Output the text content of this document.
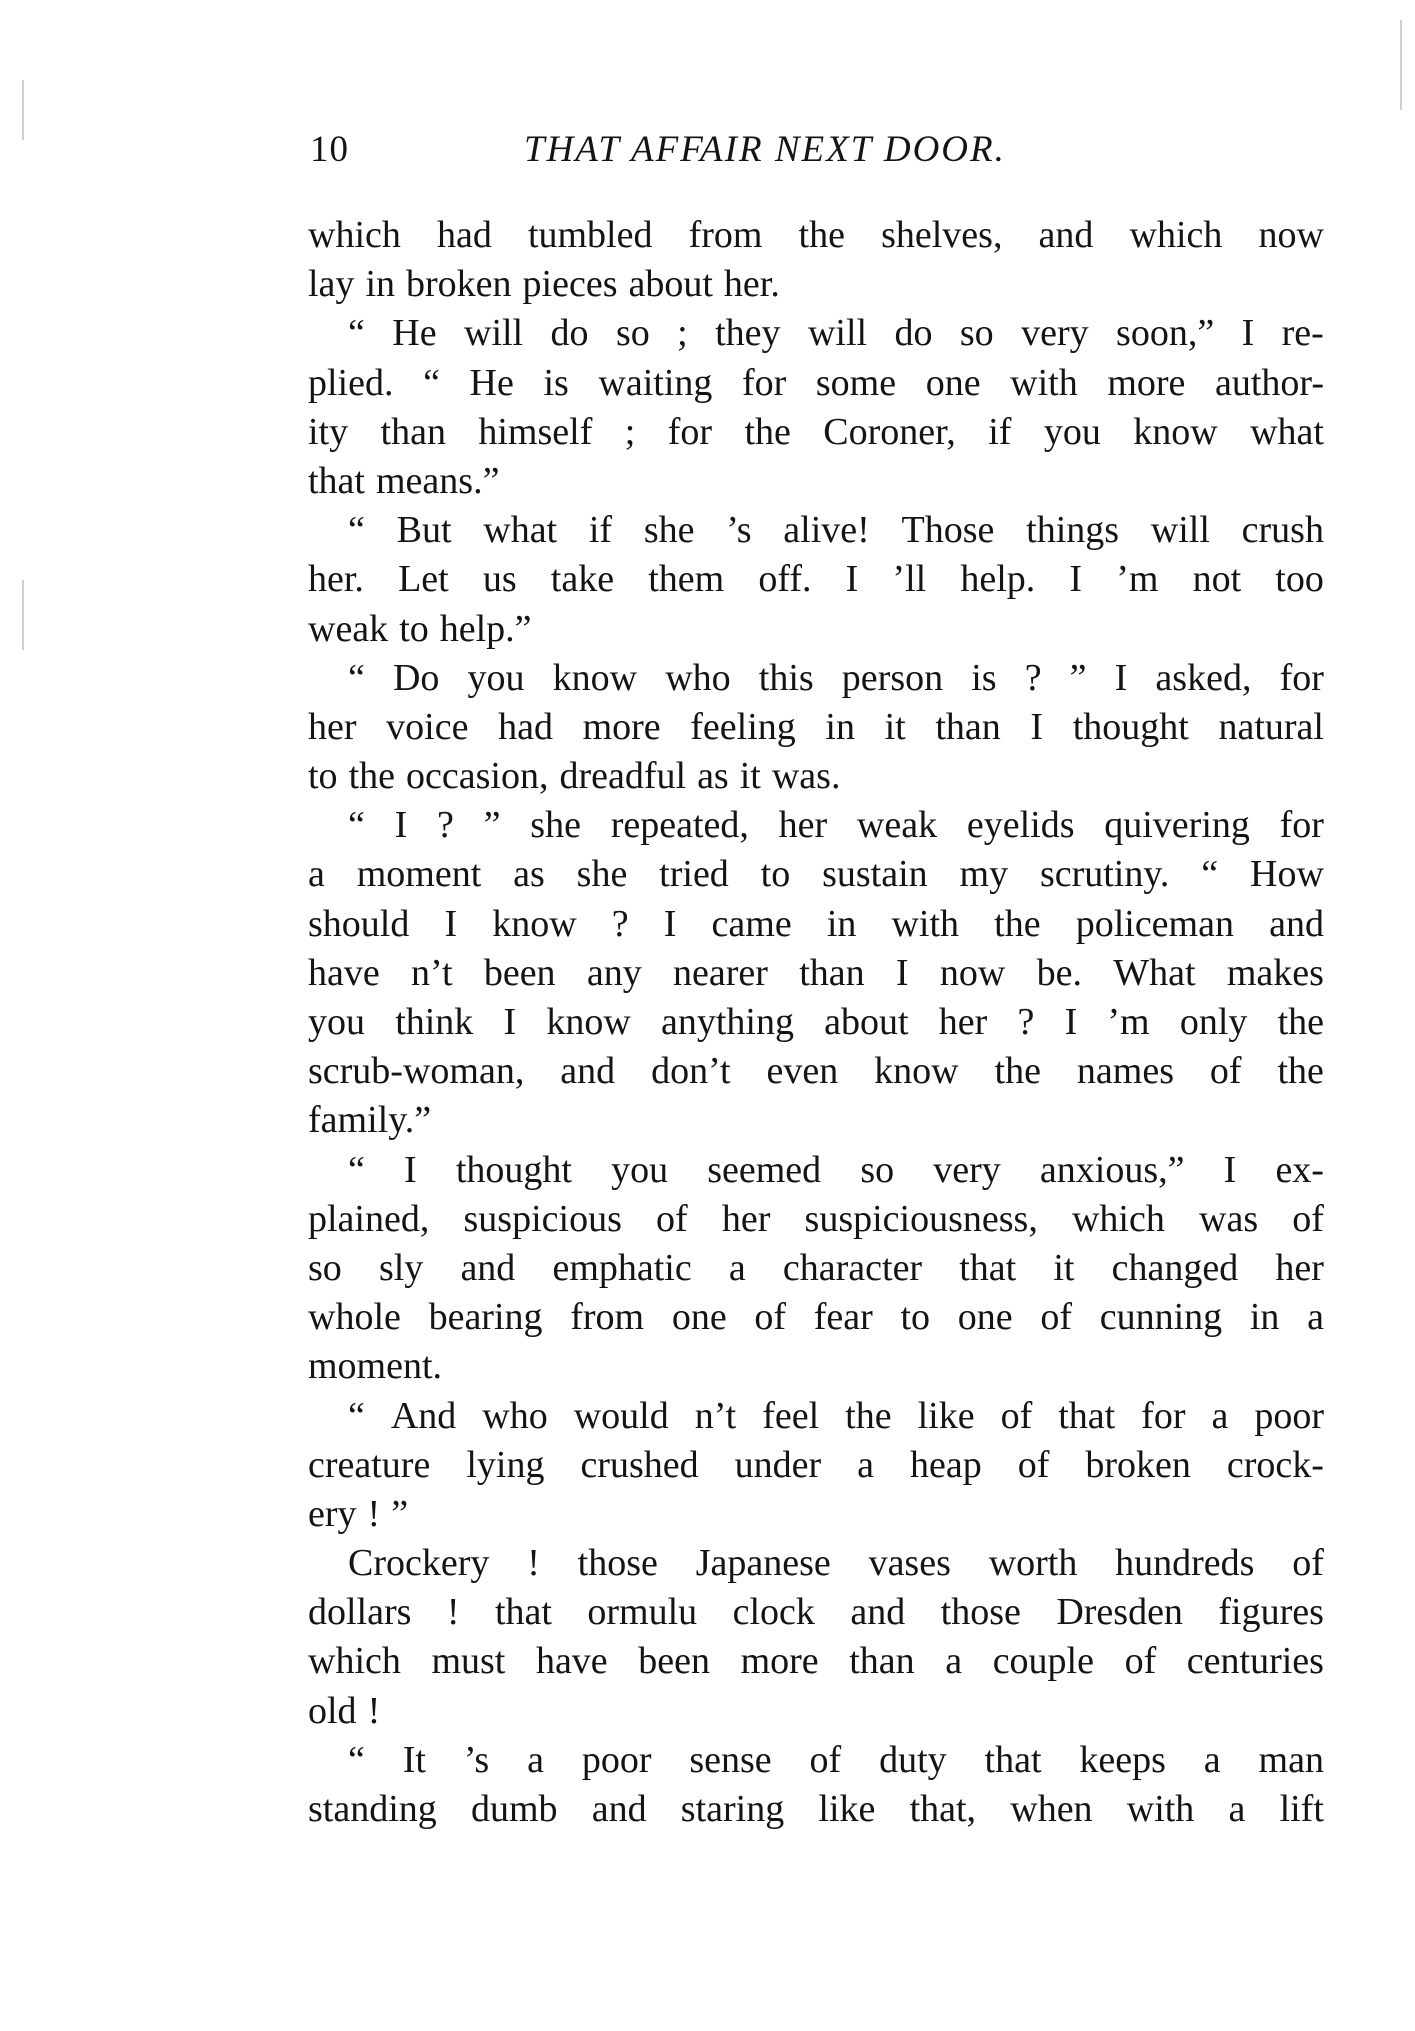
10	THAT AFFAIR NEXT DOOR.
which had tumbled from the shelves, and which now
lay in broken pieces about her.
“ He will do so ; they will do so very soon,” I re-
plied. “ He is waiting for some one with more author-
ity than himself ; for the Coroner, if you know what
that means.”
“ But what if she ’s alive! Those things will crush
her. Let us take them off. I ’ll help. I ’m not too
weak to help.”
“ Do you know who this person is ? ” I asked, for
her voice had more feeling in it than I thought natural
to the occasion, dreadful as it was.
“ I ? ” she repeated, her weak eyelids quivering for
a moment as she tried to sustain my scrutiny. “ How
should I know ? I came in with the policeman and
have n’t been any nearer than I now be. What makes
you think I know anything about her ? I ’m only the
scrub-woman, and don’t even know the names of the
family.”
“ I thought you seemed so very anxious,” I ex-
plained, suspicious of her suspiciousness, which was of
so sly and emphatic a character that it changed her
whole bearing from one of fear to one of cunning in a
moment.
“ And who would n’t feel the like of that for a poor
creature lying crushed under a heap of broken crock-
ery ! ”
Crockery ! those Japanese vases worth hundreds of
dollars ! that ormulu clock and those Dresden figures
which must have been more than a couple of centuries
old !
“ It ’s a poor sense of duty that keeps a man
standing dumb and staring like that, when with a lift
